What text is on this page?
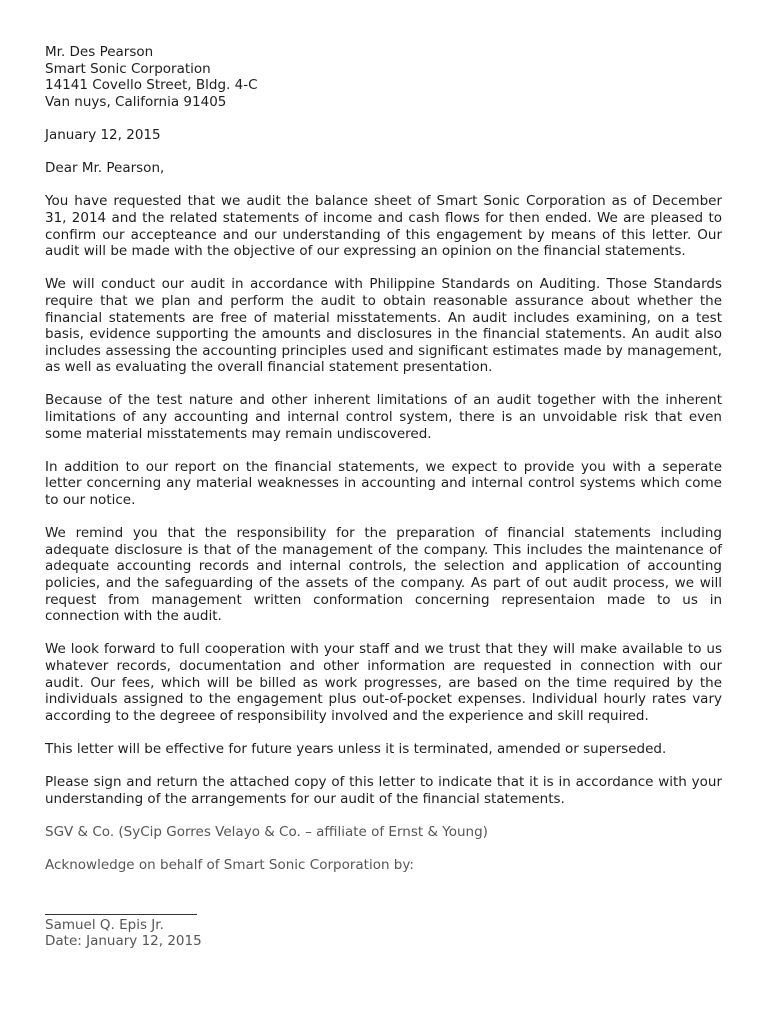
Mr. Des Pearson
Smart Sonic Corporation
14141 Covello Street, Bldg. 4-C
Van nuys, California 91405
January 12, 2015
Dear Mr. Pearson,

You have requested that we audit the balance sheet of Smart Sonic Corporation as of December 31, 2014 and the related statements of income and cash flows for then ended. We are pleased to confirm our accepteance and our understanding of this engagement by means of this letter. Our audit will be made with the objective of our expressing an opinion on the financial statements.

We will conduct our audit in accordance with Philippine Standards on Auditing. Those Standards require that we plan and perform the audit to obtain reasonable assurance about whether the financial statements are free of material misstatements. An audit includes examining, on a test basis, evidence supporting the amounts and disclosures in the financial statements. An audit also includes assessing the accounting principles used and significant estimates made by management, as well as evaluating the overall financial statement presentation.

Because of the test nature and other inherent limitations of an audit together with the inherent limitations of any accounting and internal control system, there is an unvoidable risk that even some material misstatements may remain undiscovered.

In addition to our report on the financial statements, we expect to provide you with a seperate letter concerning any material weaknesses in accounting and internal control systems which come to our notice.

We remind you that the responsibility for the preparation of financial statements including adequate disclosure is that of the management of the company. This includes the maintenance of adequate accounting records and internal controls, the selection and application of accounting policies, and the safeguarding of the assets of the company. As part of out audit process, we will request from management written conformation concerning representaion made to us in connection with the audit.

We look forward to full cooperation with your staff and we trust that they will make available to us whatever records, documentation and other information are requested in connection with our audit. Our fees, which will be billed as work progresses, are based on the time required by the individuals assigned to the engagement plus out-of-pocket expenses. Individual hourly rates vary according to the degreee of responsibility involved and the experience and skill required.

This letter will be effective for future years unless it is terminated, amended or superseded.

Please sign and return the attached copy of this letter to indicate that it is in accordance with your understanding of the arrangements for our audit of the financial statements.

SGV & Co. (SyCip Gorres Velayo & Co. – affiliate of Ernst & Young)
Acknowledge on behalf of Smart Sonic Corporation by:
Samuel Q. Epis Jr.
Date: January 12, 2015
